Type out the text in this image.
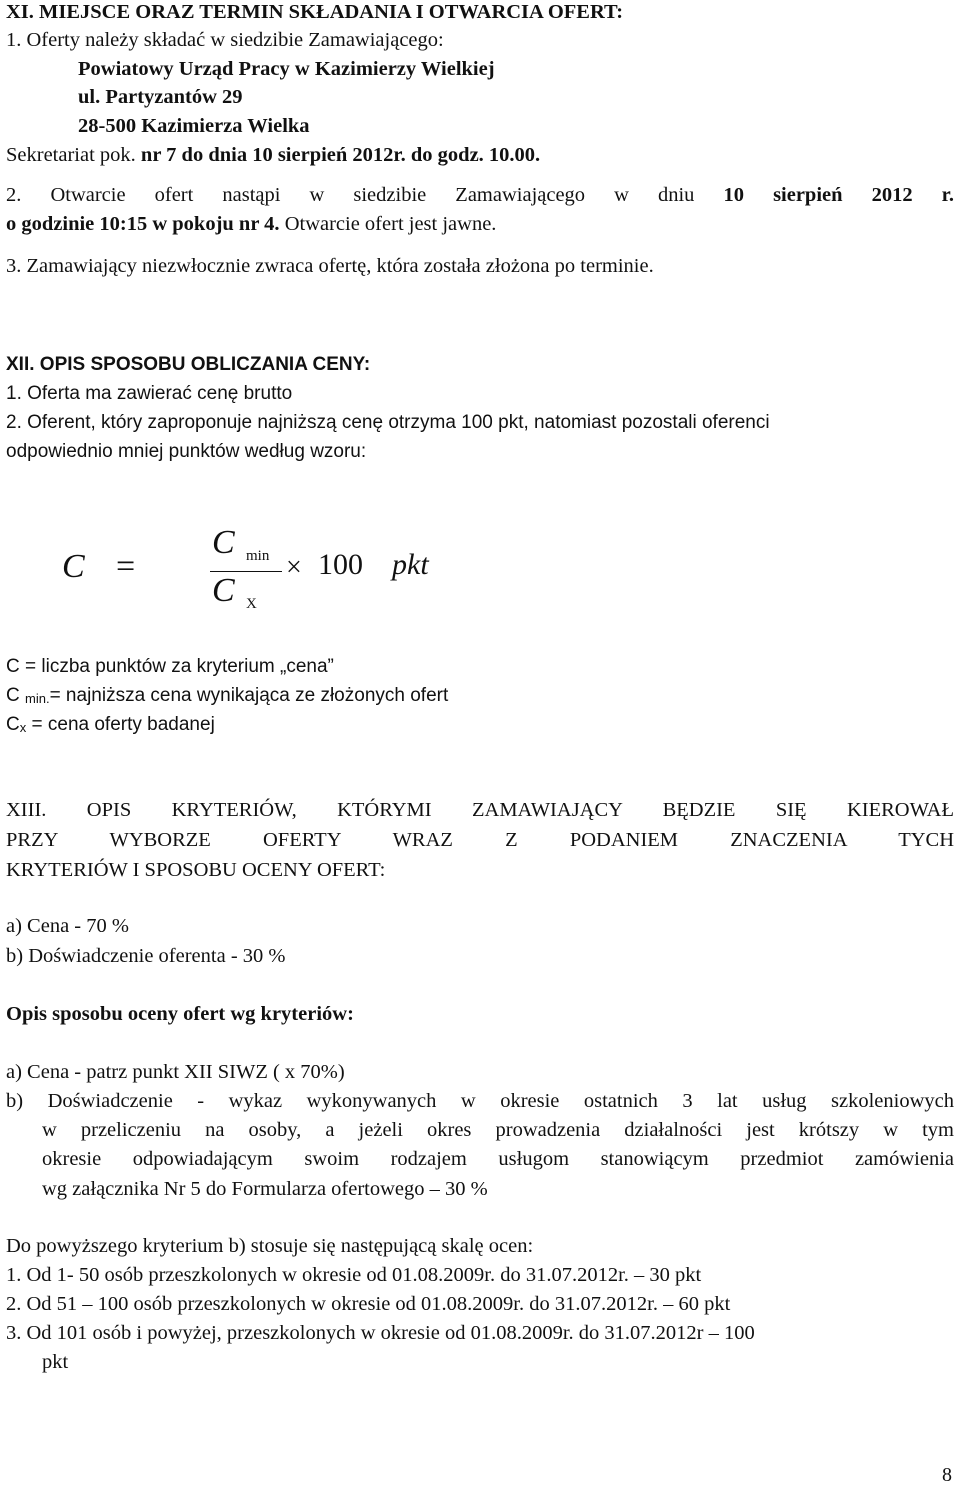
XI. MIEJSCE ORAZ TERMIN SKŁADANIA I OTWARCIA OFERT:
1. Oferty należy składać w siedzibie Zamawiającego:
Powiatowy Urząd Pracy w Kazimierzy Wielkiej
ul. Partyzantów 29
28-500 Kazimierza Wielka
Sekretariat pok. nr 7 do dnia 10 sierpień 2012r. do godz. 10.00.
2. Otwarcie ofert nastąpi w siedzibie Zamawiającego w dniu 10 sierpień 2012 r.
o godzinie 10:15 w pokoju nr 4. Otwarcie ofert jest jawne.
3. Zamawiający niezwłocznie zwraca ofertę, która została złożona po terminie.
XII. OPIS SPOSOBU OBLICZANIA CENY:
1. Oferta ma zawierać cenę brutto
2. Oferent, który zaproponuje najniższą cenę otrzyma 100 pkt, natomiast pozostali oferenci
odpowiednio mniej punktów według wzoru:
C =
C min
C X
× 100 pkt
C = liczba punktów za kryterium „cena”
C min.= najniższa cena wynikająca ze złożonych ofert
Cx = cena oferty badanej
XIII. OPIS KRYTERIÓW, KTÓRYMI ZAMAWIAJĄCY BĘDZIE SIĘ KIEROWAŁ
PRZY WYBORZE OFERTY WRAZ Z PODANIEM ZNACZENIA TYCH
KRYTERIÓW I SPOSOBU OCENY OFERT:
a) Cena - 70 %
b) Doświadczenie oferenta - 30 %
Opis sposobu oceny ofert wg kryteriów:
a) Cena - patrz punkt XII SIWZ ( x 70%)
b) Doświadczenie - wykaz wykonywanych w okresie ostatnich 3 lat usług szkoleniowych
w przeliczeniu na osoby, a jeżeli okres prowadzenia działalności jest krótszy w tym
okresie odpowiadającym swoim rodzajem usługom stanowiącym przedmiot zamówienia
wg załącznika Nr 5 do Formularza ofertowego – 30 %
Do powyższego kryterium b) stosuje się następującą skalę ocen:
1. Od 1- 50 osób przeszkolonych w okresie od 01.08.2009r. do 31.07.2012r. – 30 pkt
2. Od 51 – 100 osób przeszkolonych w okresie od 01.08.2009r. do 31.07.2012r. – 60 pkt
3. Od 101 osób i powyżej, przeszkolonych w okresie od 01.08.2009r. do 31.07.2012r – 100
pkt
8
